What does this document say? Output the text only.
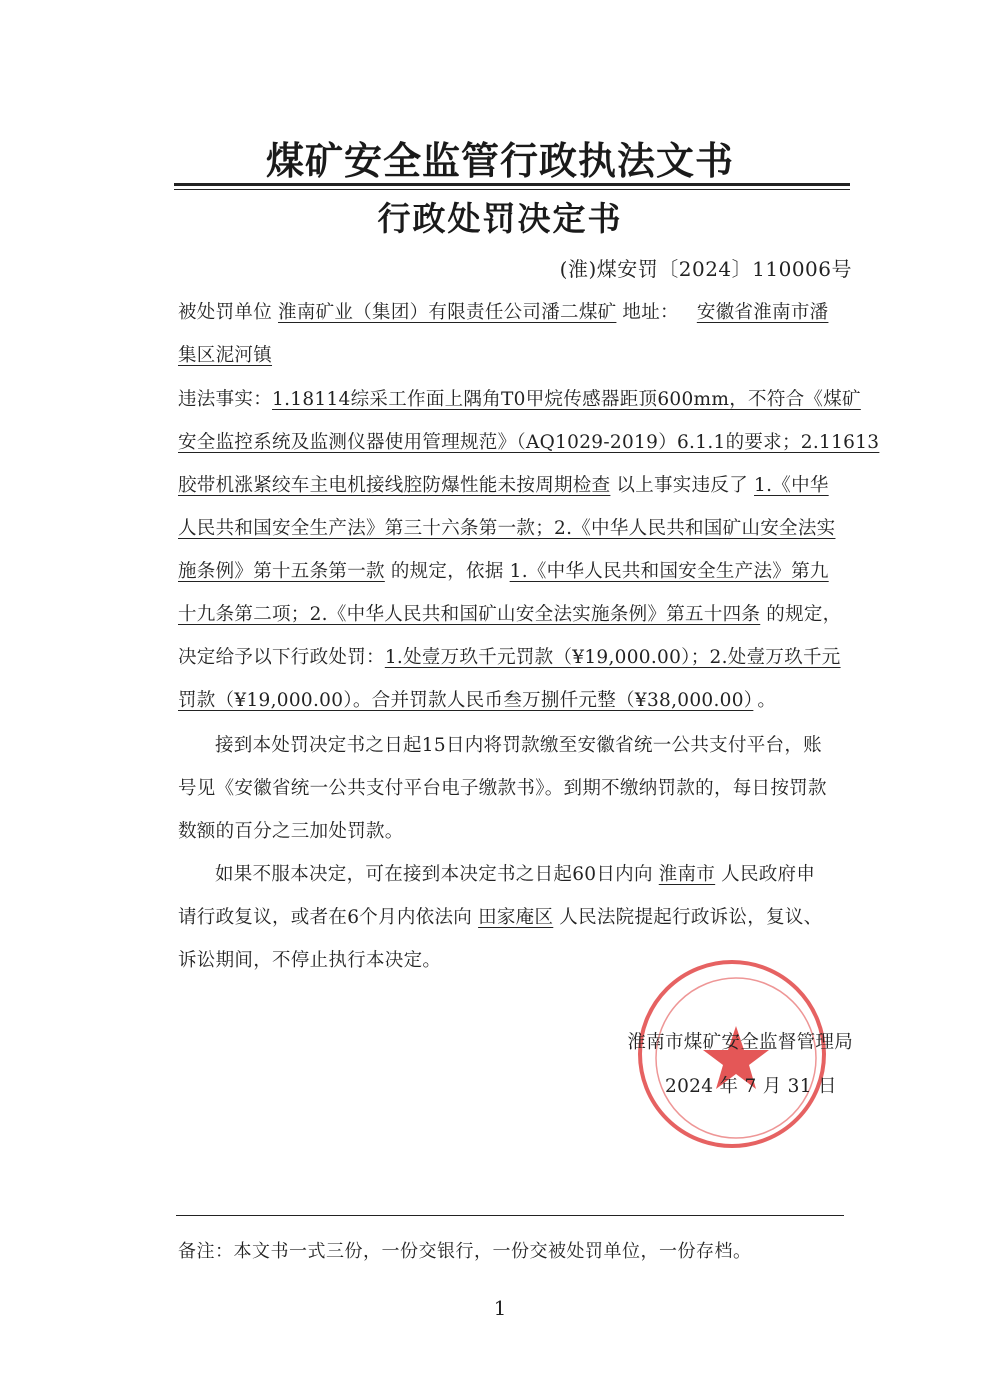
煤矿安全监管行政执法文书
行政处罚决定书
(淮)煤安罚〔2024〕110006号
被处罚单位 淮南矿业（集团）有限责任公司潘二煤矿 地址： 安徽省淮南市潘
集区泥河镇
违法事实：1.18114综采工作面上隅角T0甲烷传感器距顶600mm，不符合《煤矿
安全监控系统及监测仪器使用管理规范》（AQ1029-2019）6.1.1的要求；2.11613
胶带机涨紧绞车主电机接线腔防爆性能未按周期检查 以上事实违反了 1.《中华
人民共和国安全生产法》第三十六条第一款；2.《中华人民共和国矿山安全法实
施条例》第十五条第一款 的规定，依据 1.《中华人民共和国安全生产法》第九
十九条第二项；2.《中华人民共和国矿山安全法实施条例》第五十四条 的规定，
决定给予以下行政处罚：1.处壹万玖千元罚款（¥19,000.00）；2.处壹万玖千元
罚款（¥19,000.00）。合并罚款人民币叁万捌仟元整（¥38,000.00） 。
接到本处罚决定书之日起15日内将罚款缴至安徽省统一公共支付平台，账
号见《安徽省统一公共支付平台电子缴款书》。到期不缴纳罚款的，每日按罚款
数额的百分之三加处罚款。
如果不服本决定，可在接到本决定书之日起60日内向 淮南市 人民政府申
请行政复议，或者在6个月内依法向 田家庵区 人民法院提起行政诉讼，复议、
诉讼期间，不停止执行本决定。
淮南市煤矿安全监督管理局
2024 年 7 月 31 日
备注：本文书一式三份，一份交银行，一份交被处罚单位，一份存档。
1
